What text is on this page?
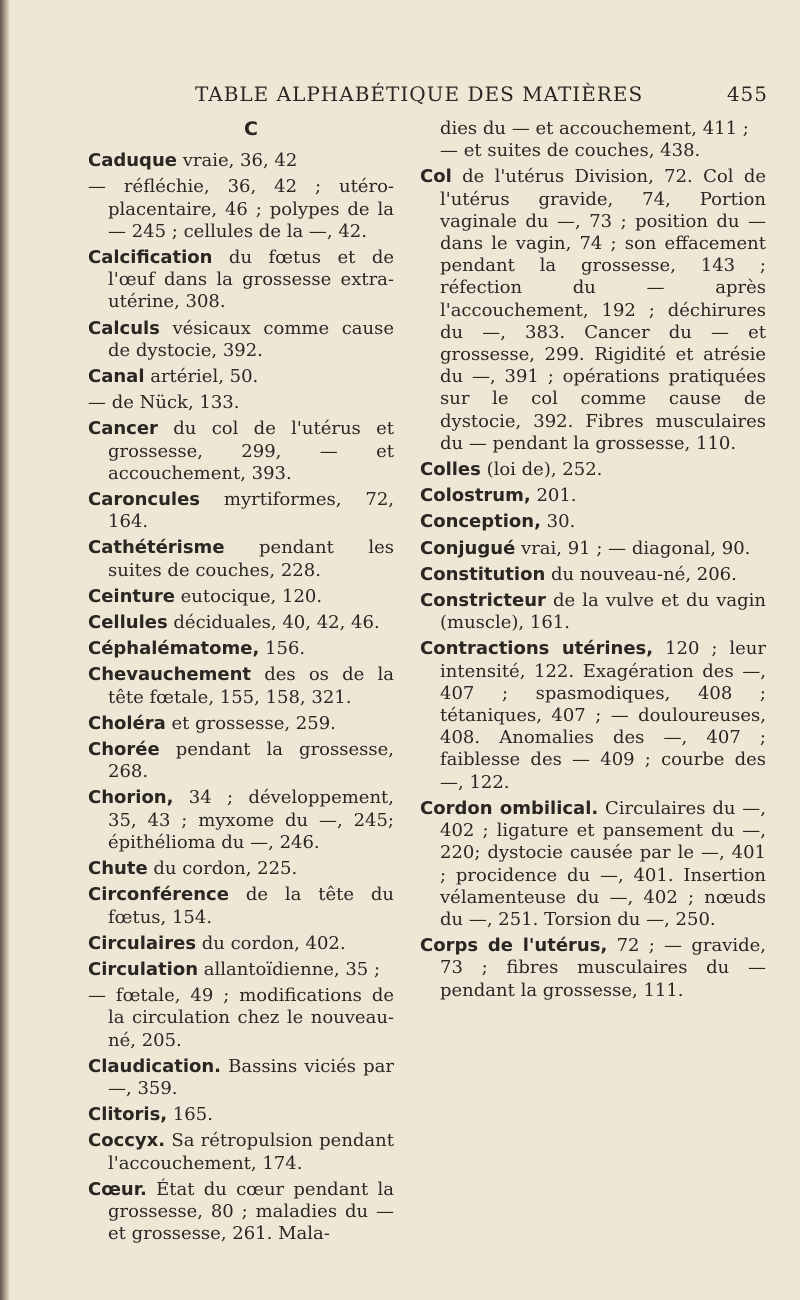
TABLE ALPHABÉTIQUE DES MATIÈRES	455
C

Caduque vraie, 36, 42

— réfléchie, 36, 42 ; utéro-placentaire, 46 ; polypes de la — 245 ; cellules de la —, 42.

Calcification du fœtus et de l'œuf dans la grossesse extra-utérine, 308.

Calculs vésicaux comme cause de dystocie, 392.

Canal artériel, 50.

— de Nück, 133.

Cancer du col de l'utérus et grossesse, 299, — et accouchement, 393.

Caroncules myrtiformes, 72, 164.

Cathétérisme pendant les suites de couches, 228.

Ceinture eutocique, 120.

Cellules déciduales, 40, 42, 46.

Céphalématome, 156.

Chevauchement des os de la tête fœtale, 155, 158, 321.

Choléra et grossesse, 259.

Chorée pendant la grossesse, 268.

Chorion, 34 ; développement, 35, 43 ; myxome du —, 245; épithélioma du —, 246.

Chute du cordon, 225.

Circonférence de la tête du fœtus, 154.

Circulaires du cordon, 402.

Circulation allantoïdienne, 35 ;

— fœtale, 49 ; modifications de la circulation chez le nouveau-né, 205.

Claudication. Bassins viciés par —, 359.

Clitoris, 165.

Coccyx. Sa rétropulsion pendant l'accouchement, 174.

Cœur. État du cœur pendant la grossesse, 80 ; maladies du — et grossesse, 261. Mala-

dies du — et accouchement, 411 ; — et suites de couches, 438.

Col de l'utérus Division, 72. Col de l'utérus gravide, 74, Portion vaginale du —, 73 ; position du — dans le vagin, 74 ; son effacement pendant la grossesse, 143 ; réfection du — après l'accouchement, 192 ; déchirures du —, 383. Cancer du — et grossesse, 299. Rigidité et atrésie du —, 391 ; opérations pratiquées sur le col comme cause de dystocie, 392. Fibres musculaires du — pendant la grossesse, 110.

Colles (loi de), 252.

Colostrum, 201.

Conception, 30.

Conjugué vrai, 91 ; — diagonal, 90.

Constitution du nouveau-né, 206.

Constricteur de la vulve et du vagin (muscle), 161.

Contractions utérines, 120 ; leur intensité, 122. Exagération des —, 407 ; spasmodiques, 408 ; tétaniques, 407 ; — douloureuses, 408. Anomalies des —, 407 ; faiblesse des — 409 ; courbe des —, 122.

Cordon ombilical. Circulaires du —, 402 ; ligature et pansement du —, 220; dystocie causée par le —, 401 ; procidence du —, 401. Insertion vélamenteuse du —, 402 ; nœuds du —, 251. Torsion du —, 250.

Corps de l'utérus, 72 ; — gravide, 73 ; fibres musculaires du — pendant la grossesse, 111.
